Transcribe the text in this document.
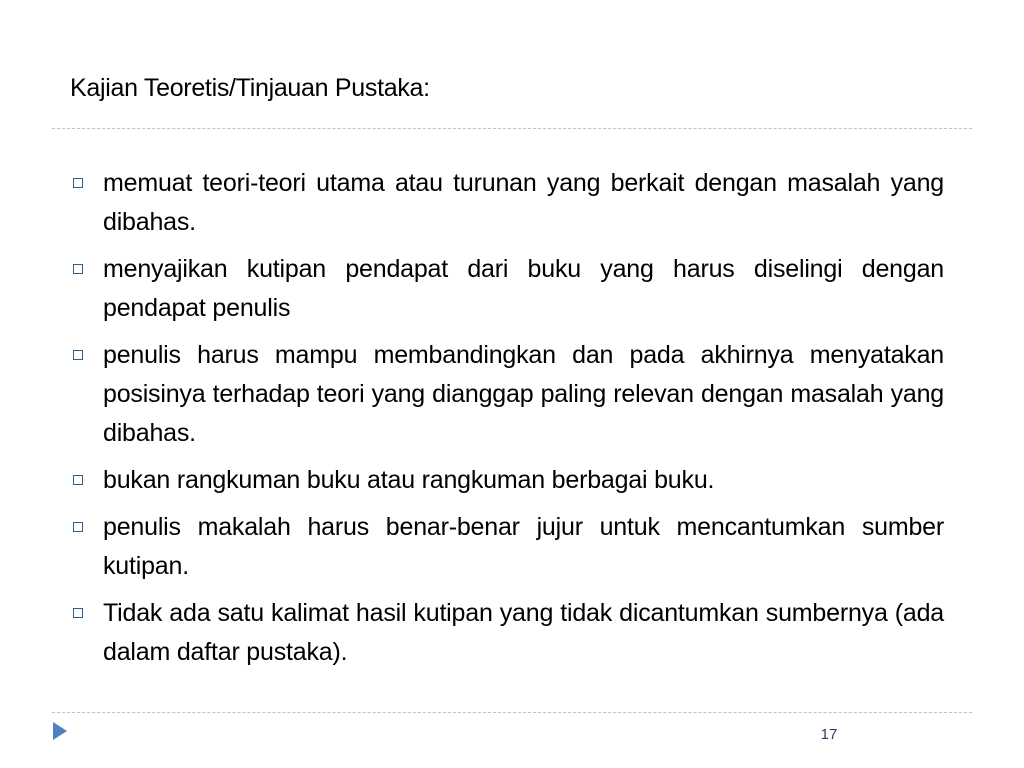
Kajian Teoretis/Tinjauan Pustaka:
memuat teori-teori utama atau turunan yang berkait dengan masalah yang dibahas.
menyajikan kutipan pendapat dari buku yang harus diselingi dengan pendapat penulis
penulis harus mampu membandingkan dan pada akhirnya menyatakan posisinya terhadap teori yang dianggap paling relevan dengan masalah yang dibahas.
bukan rangkuman buku atau rangkuman berbagai buku.
penulis makalah harus benar-benar jujur untuk mencantumkan sumber kutipan.
Tidak ada satu kalimat hasil kutipan yang tidak dicantumkan sumbernya (ada dalam daftar pustaka).
17
